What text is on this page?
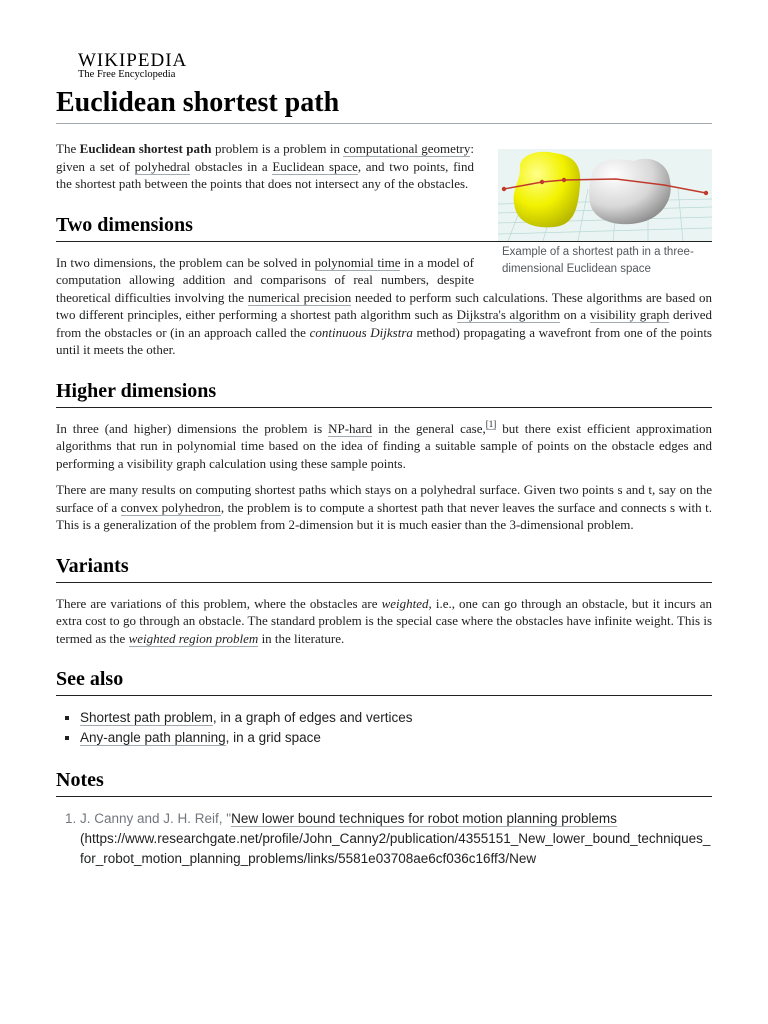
WIKIPEDIA
The Free Encyclopedia
Euclidean shortest path
Example of a shortest path in a three-dimensional Euclidean space

The Euclidean shortest path problem is a problem in computational geometry: given a set of polyhedral obstacles in a Euclidean space, and two points, find the shortest path between the points that does not intersect any of the obstacles.

Two dimensions

In two dimensions, the problem can be solved in polynomial time in a model of computation allowing addition and comparisons of real numbers, despite theoretical difficulties involving the numerical precision needed to perform such calculations. These algorithms are based on two different principles, either performing a shortest path algorithm such as Dijkstra's algorithm on a visibility graph derived from the obstacles or (in an approach called the continuous Dijkstra method) propagating a wavefront from one of the points until it meets the other.

Higher dimensions

In three (and higher) dimensions the problem is NP-hard in the general case,[1] but there exist efficient approximation algorithms that run in polynomial time based on the idea of finding a suitable sample of points on the obstacle edges and performing a visibility graph calculation using these sample points.

There are many results on computing shortest paths which stays on a polyhedral surface. Given two points s and t, say on the surface of a convex polyhedron, the problem is to compute a shortest path that never leaves the surface and connects s with t. This is a generalization of the problem from 2-dimension but it is much easier than the 3-dimensional problem.

Variants

There are variations of this problem, where the obstacles are weighted, i.e., one can go through an obstacle, but it incurs an extra cost to go through an obstacle. The standard problem is the special case where the obstacles have infinite weight. This is termed as the weighted region problem in the literature.

See also
▪ Shortest path problem, in a graph of edges and vertices
▪ Any-angle path planning, in a grid space
Notes
1. J. Canny and J. H. Reif, "New lower bound techniques for robot motion planning problems
(https://www.researchgate.net/profile/John_Canny2/publication/4355151_New_lower_bound_techniques_for_robot_motion_planning_problems/links/5581e03708ae6cf036c16ff3/New
